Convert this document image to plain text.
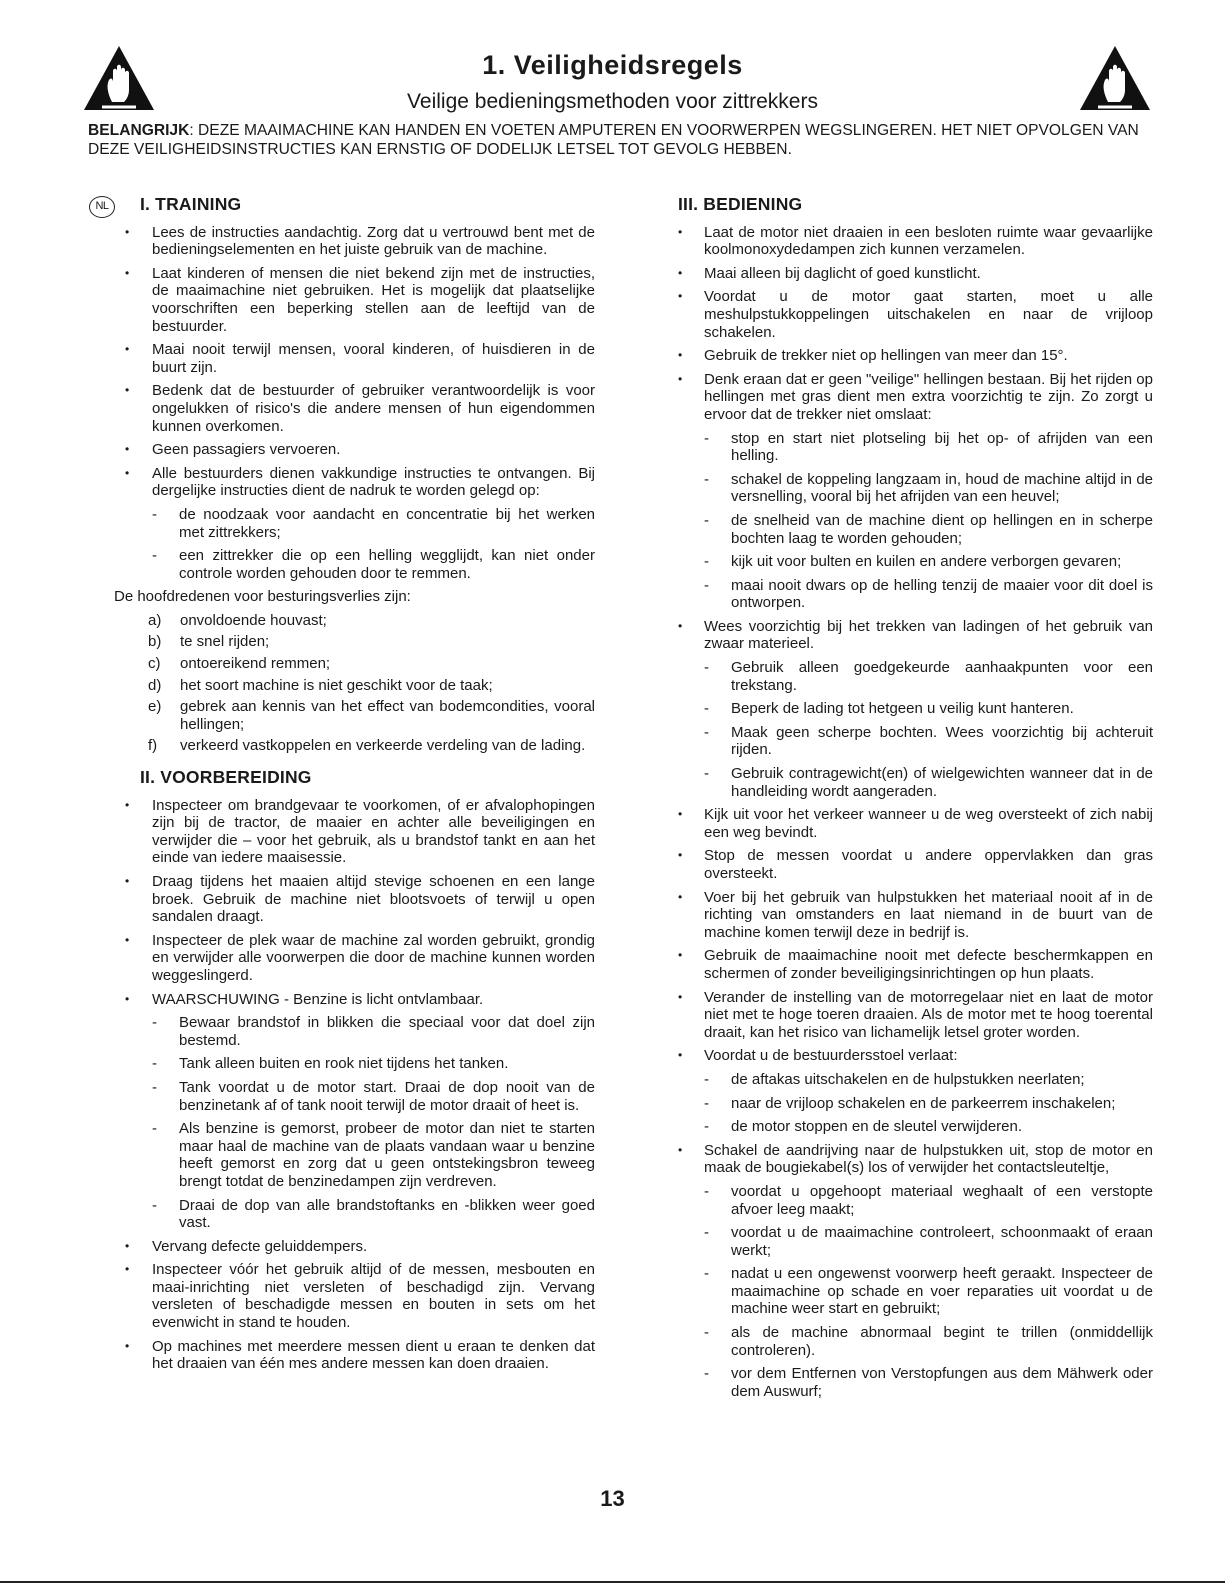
1. Veiligheidsregels
Veilige bedieningsmethoden voor zittrekkers
BELANGRIJK: DEZE MAAIMACHINE KAN HANDEN EN VOETEN AMPUTEREN EN VOORWERPEN WEGSLINGEREN. HET NIET OPVOLGEN VAN DEZE VEILIGHEIDSINSTRUCTIES KAN ERNSTIG OF DODELIJK LETSEL TOT GEVOLG HEBBEN.
NL	I. TRAINING
• Lees de instructies aandachtig. Zorg dat u vertrouwd bent met de bedieningselementen en het juiste gebruik van de machine.
• Laat kinderen of mensen die niet bekend zijn met de instructies, de maaimachine niet gebruiken. Het is mogelijk dat plaatselijke voorschriften een beperking stellen aan de leeftijd van de bestuurder.
• Maai nooit terwijl mensen, vooral kinderen, of huisdieren in de buurt zijn.
• Bedenk dat de bestuurder of gebruiker verantwoordelijk is voor ongelukken of risico's die andere mensen of hun eigendommen kunnen overkomen.
• Geen passagiers vervoeren.
• Alle bestuurders dienen vakkundige instructies te ontvangen. Bij dergelijke instructies dient de nadruk te worden gelegd op:
- de noodzaak voor aandacht en concentratie bij het werken met zittrekkers;
- een zittrekker die op een helling wegglijdt, kan niet onder controle worden gehouden door te remmen.

De hoofdredenen voor besturingsverlies zijn:

a) onvoldoende houvast;
b) te snel rijden;
c) ontoereikend remmen;
d) het soort machine is niet geschikt voor de taak;
e) gebrek aan kennis van het effect van bodemcondities, vooral hellingen;
f) verkeerd vastkoppelen en verkeerde verdeling van de lading.
II. VOORBEREIDING
• Inspecteer om brandgevaar te voorkomen, of er afvalophopingen zijn bij de tractor, de maaier en achter alle beveiligingen en verwijder die – voor het gebruik, als u brandstof tankt en aan het einde van iedere maaisessie.
• Draag tijdens het maaien altijd stevige schoenen en een lange broek. Gebruik de machine niet blootsvoets of terwijl u open sandalen draagt.
• Inspecteer de plek waar de machine zal worden gebruikt, grondig en verwijder alle voorwerpen die door de machine kunnen worden weggeslingerd.
• WAARSCHUWING - Benzine is licht ontvlambaar.
- Bewaar brandstof in blikken die speciaal voor dat doel zijn bestemd.
- Tank alleen buiten en rook niet tijdens het tanken.
- Tank voordat u de motor start. Draai de dop nooit van de benzinetank af of tank nooit terwijl de motor draait of heet is.
- Als benzine is gemorst, probeer de motor dan niet te starten maar haal de machine van de plaats vandaan waar u benzine heeft gemorst en zorg dat u geen ontstekingsbron teweeg brengt totdat de benzinedampen zijn verdreven.
- Draai de dop van alle brandstoftanks en -blikken weer goed vast.
• Vervang defecte geluiddempers.
• Inspecteer vóór het gebruik altijd of de messen, mesbouten en maai-inrichting niet versleten of beschadigd zijn. Vervang versleten of beschadigde messen en bouten in sets om het evenwicht in stand te houden.
• Op machines met meerdere messen dient u eraan te denken dat het draaien van één mes andere messen kan doen draaien.
III. BEDIENING
• Laat de motor niet draaien in een besloten ruimte waar gevaarlijke koolmonoxydedampen zich kunnen verzamelen.
• Maai alleen bij daglicht of goed kunstlicht.
• Voordat u de motor gaat starten, moet u alle meshulpstukkoppelingen uitschakelen en naar de vrijloop schakelen.
• Gebruik de trekker niet op hellingen van meer dan 15°.
• Denk eraan dat er geen "veilige" hellingen bestaan. Bij het rijden op hellingen met gras dient men extra voorzichtig te zijn. Zo zorgt u ervoor dat de trekker niet omslaat:
- stop en start niet plotseling bij het op- of afrijden van een helling.
- schakel de koppeling langzaam in, houd de machine altijd in de versnelling, vooral bij het afrijden van een heuvel;
- de snelheid van de machine dient op hellingen en in scherpe bochten laag te worden gehouden;
- kijk uit voor bulten en kuilen en andere verborgen gevaren;
- maai nooit dwars op de helling tenzij de maaier voor dit doel is ontworpen.
• Wees voorzichtig bij het trekken van ladingen of het gebruik van zwaar materieel.
- Gebruik alleen goedgekeurde aanhaakpunten voor een trekstang.
- Beperk de lading tot hetgeen u veilig kunt hanteren.
- Maak geen scherpe bochten. Wees voorzichtig bij achteruit rijden.
- Gebruik contragewicht(en) of wielgewichten wanneer dat in de handleiding wordt aangeraden.
• Kijk uit voor het verkeer wanneer u de weg oversteekt of zich nabij een weg bevindt.
• Stop de messen voordat u andere oppervlakken dan gras oversteekt.
• Voer bij het gebruik van hulpstukken het materiaal nooit af in de richting van omstanders en laat niemand in de buurt van de machine komen terwijl deze in bedrijf is.
• Gebruik de maaimachine nooit met defecte beschermkappen en schermen of zonder beveiligingsinrichtingen op hun plaats.
• Verander de instelling van de motorregelaar niet en laat de motor niet met te hoge toeren draaien. Als de motor met te hoog toerental draait, kan het risico van lichamelijk letsel groter worden.
• Voordat u de bestuurdersstoel verlaat:
- de aftakas uitschakelen en de hulpstukken neerlaten;
- naar de vrijloop schakelen en de parkeerrem inschakelen;
- de motor stoppen en de sleutel verwijderen.
• Schakel de aandrijving naar de hulpstukken uit, stop de motor en maak de bougiekabel(s) los of verwijder het contactsleuteltje,
- voordat u opgehoopt materiaal weghaalt of een verstopte afvoer leeg maakt;
- voordat u de maaimachine controleert, schoonmaakt of eraan werkt;
- nadat u een ongewenst voorwerp heeft geraakt. Inspecteer de maaimachine op schade en voer reparaties uit voordat u de machine weer start en gebruikt;
- als de machine abnormaal begint te trillen (onmiddellijk controleren).
- vor dem Entfernen von Verstopfungen aus dem Mähwerk oder dem Auswurf;
13
